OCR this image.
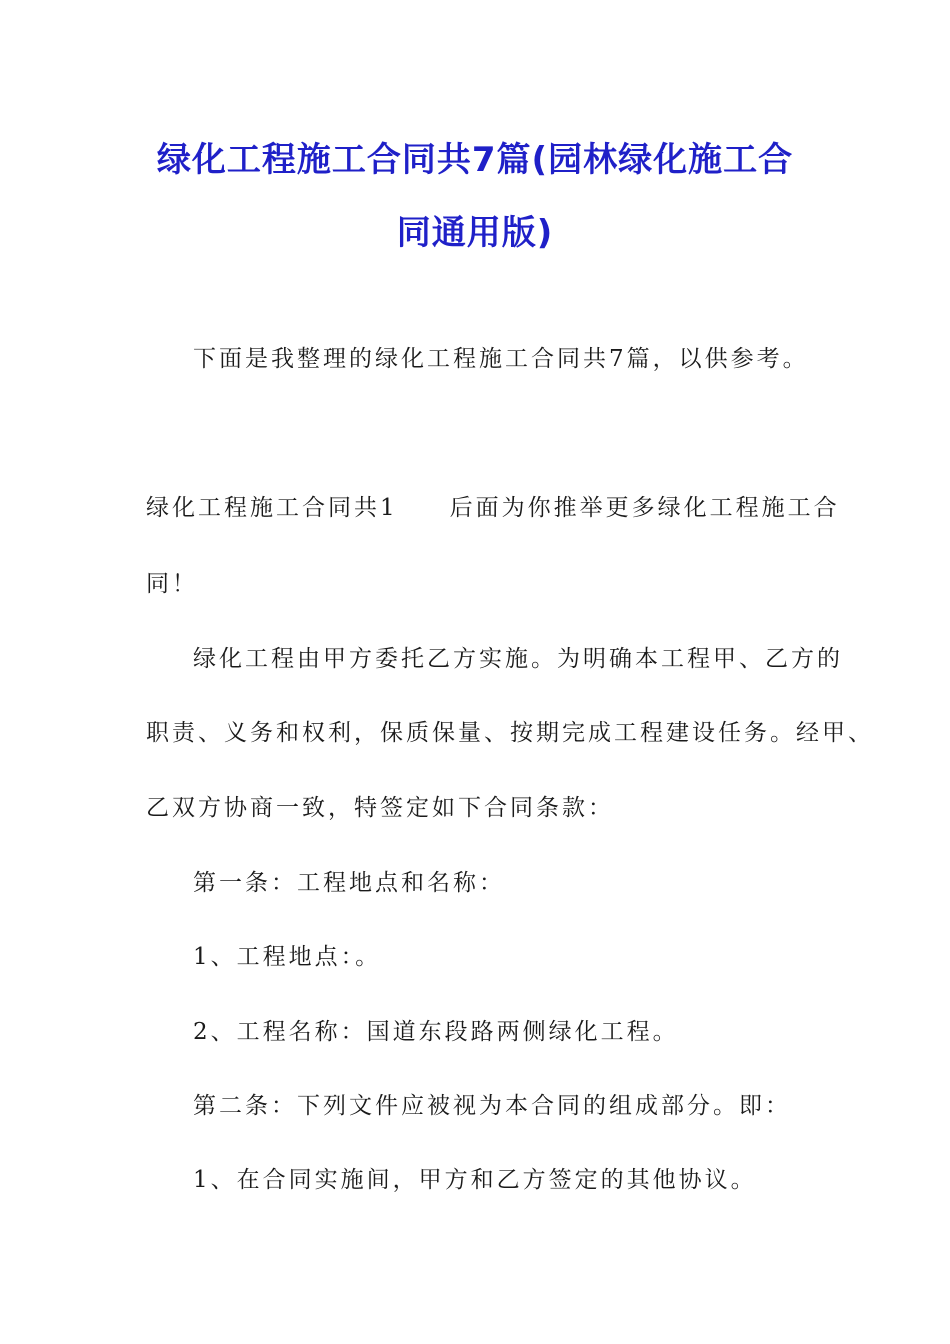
绿化工程施工合同共7篇(园林绿化施工合
同通用版)
下面是我整理的绿化工程施工合同共7篇，以供参考。
绿化工程施工合同共1　　后面为你推举更多绿化工程施工合
同！
绿化工程由甲方委托乙方实施。为明确本工程甲、乙方的
职责、义务和权利，保质保量、按期完成工程建设任务。经甲、
乙双方协商一致，特签定如下合同条款：
第一条：工程地点和名称：
1、工程地点：。
2、工程名称：国道东段路两侧绿化工程。
第二条：下列文件应被视为本合同的组成部分。即：
1、在合同实施间，甲方和乙方签定的其他协议。
